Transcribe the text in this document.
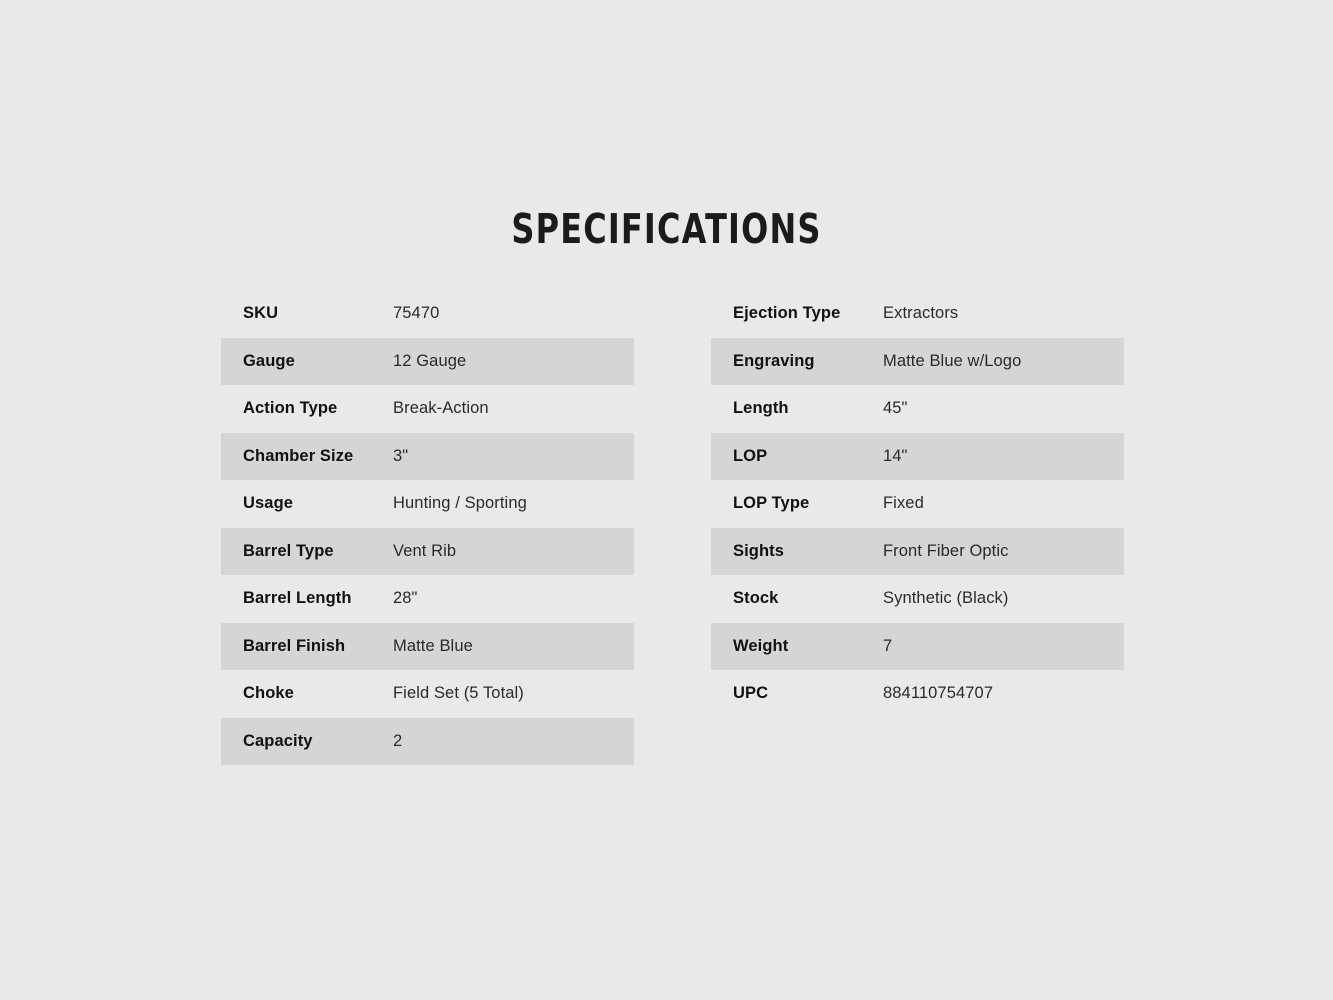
SPECIFICATIONS
SKU	75470
Gauge	12 Gauge
Action Type	Break-Action
Chamber Size	3"
Usage	Hunting / Sporting
Barrel Type	Vent Rib
Barrel Length	28"
Barrel Finish	Matte Blue
Choke	Field Set (5 Total)
Capacity	2
Ejection Type	Extractors
Engraving	Matte Blue w/Logo
Length	45"
LOP	14"
LOP Type	Fixed
Sights	Front Fiber Optic
Stock	Synthetic (Black)
Weight	7
UPC	884110754707
